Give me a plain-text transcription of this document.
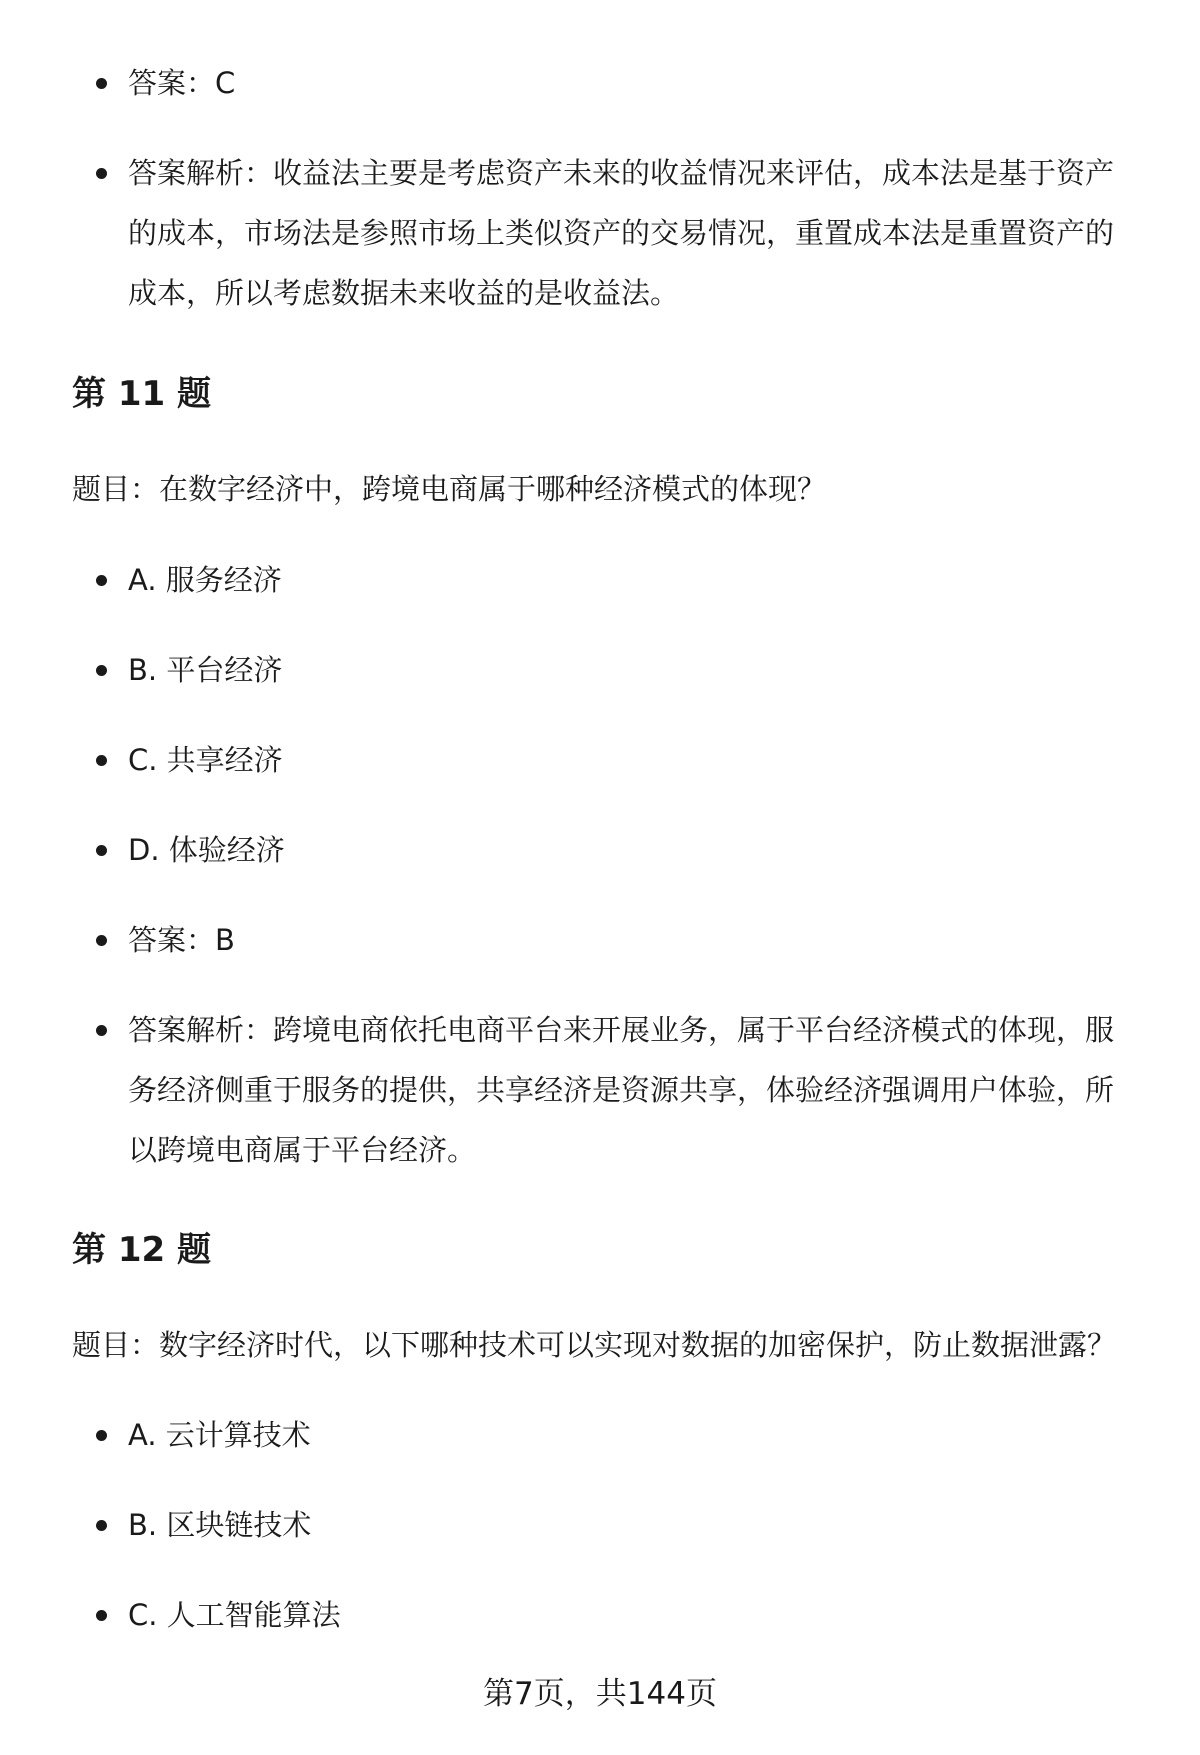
答案：C
答案解析：收益法主要是考虑资产未来的收益情况来评估，成本法是基于资产的成本，市场法是参照市场上类似资产的交易情况，重置成本法是重置资产的成本，所以考虑数据未来收益的是收益法。
第 11 题
题目：在数字经济中，跨境电商属于哪种经济模式的体现？
A. 服务经济
B. 平台经济
C. 共享经济
D. 体验经济
答案：B
答案解析：跨境电商依托电商平台来开展业务，属于平台经济模式的体现，服务经济侧重于服务的提供，共享经济是资源共享，体验经济强调用户体验，所以跨境电商属于平台经济。
第 12 题
题目：数字经济时代，以下哪种技术可以实现对数据的加密保护，防止数据泄露？
A. 云计算技术
B. 区块链技术
C. 人工智能算法
第7页，共144页
